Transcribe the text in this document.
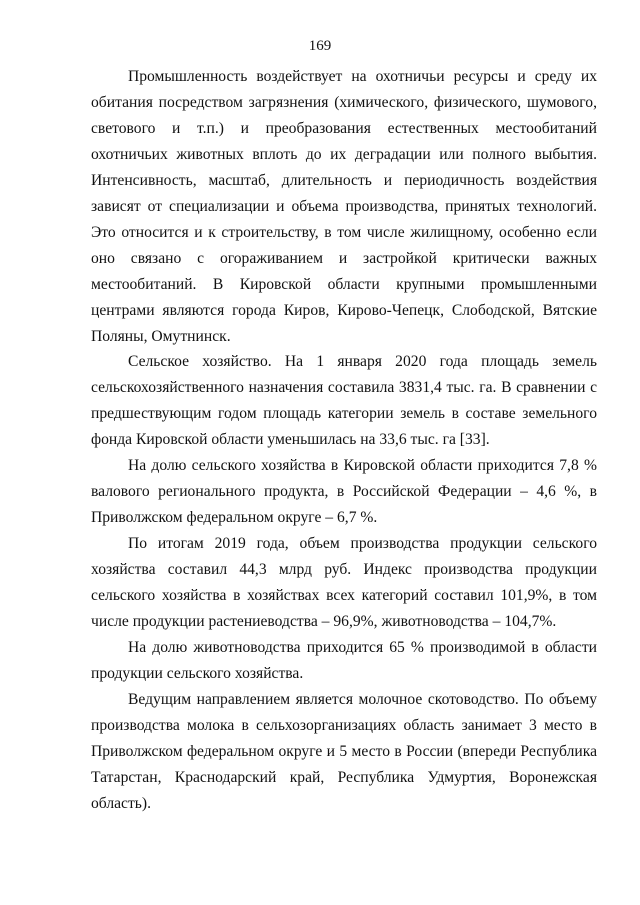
169

Промышленность воздействует на охотничьи ресурсы и среду их обитания посредством загрязнения (химического, физического, шумового, светового и т.п.) и преобразования естественных местообитаний охотничьих животных вплоть до их деградации или полного выбытия. Интенсивность, масштаб, длительность и периодичность воздействия зависят от специализации и объема производства, принятых технологий. Это относится и к строительству, в том числе жилищному, особенно если оно связано с огораживанием и застройкой критически важных местообитаний. В Кировской области крупными промышленными центрами являются города Киров, Кирово-Чепецк, Слободской, Вятские Поляны, Омутнинск.

Сельское хозяйство. На 1 января 2020 года площадь земель сельскохозяйственного назначения составила 3831,4 тыс. га. В сравнении с предшествующим годом площадь категории земель в составе земельного фонда Кировской области уменьшилась на 33,6 тыс. га [33].

На долю сельского хозяйства в Кировской области приходится 7,8 % валового регионального продукта, в Российской Федерации – 4,6 %, в Приволжском федеральном округе – 6,7 %.

По итогам 2019 года, объем производства продукции сельского хозяйства составил 44,3 млрд руб. Индекс производства продукции сельского хозяйства в хозяйствах всех категорий составил 101,9%, в том числе продукции растениеводства – 96,9%, животноводства – 104,7%.

На долю животноводства приходится 65 % производимой в области продукции сельского хозяйства.

Ведущим направлением является молочное скотоводство. По объему производства молока в сельхозорганизациях область занимает 3 место в Приволжском федеральном округе и 5 место в России (впереди Республика Татарстан, Краснодарский край, Республика Удмуртия, Воронежская область).
